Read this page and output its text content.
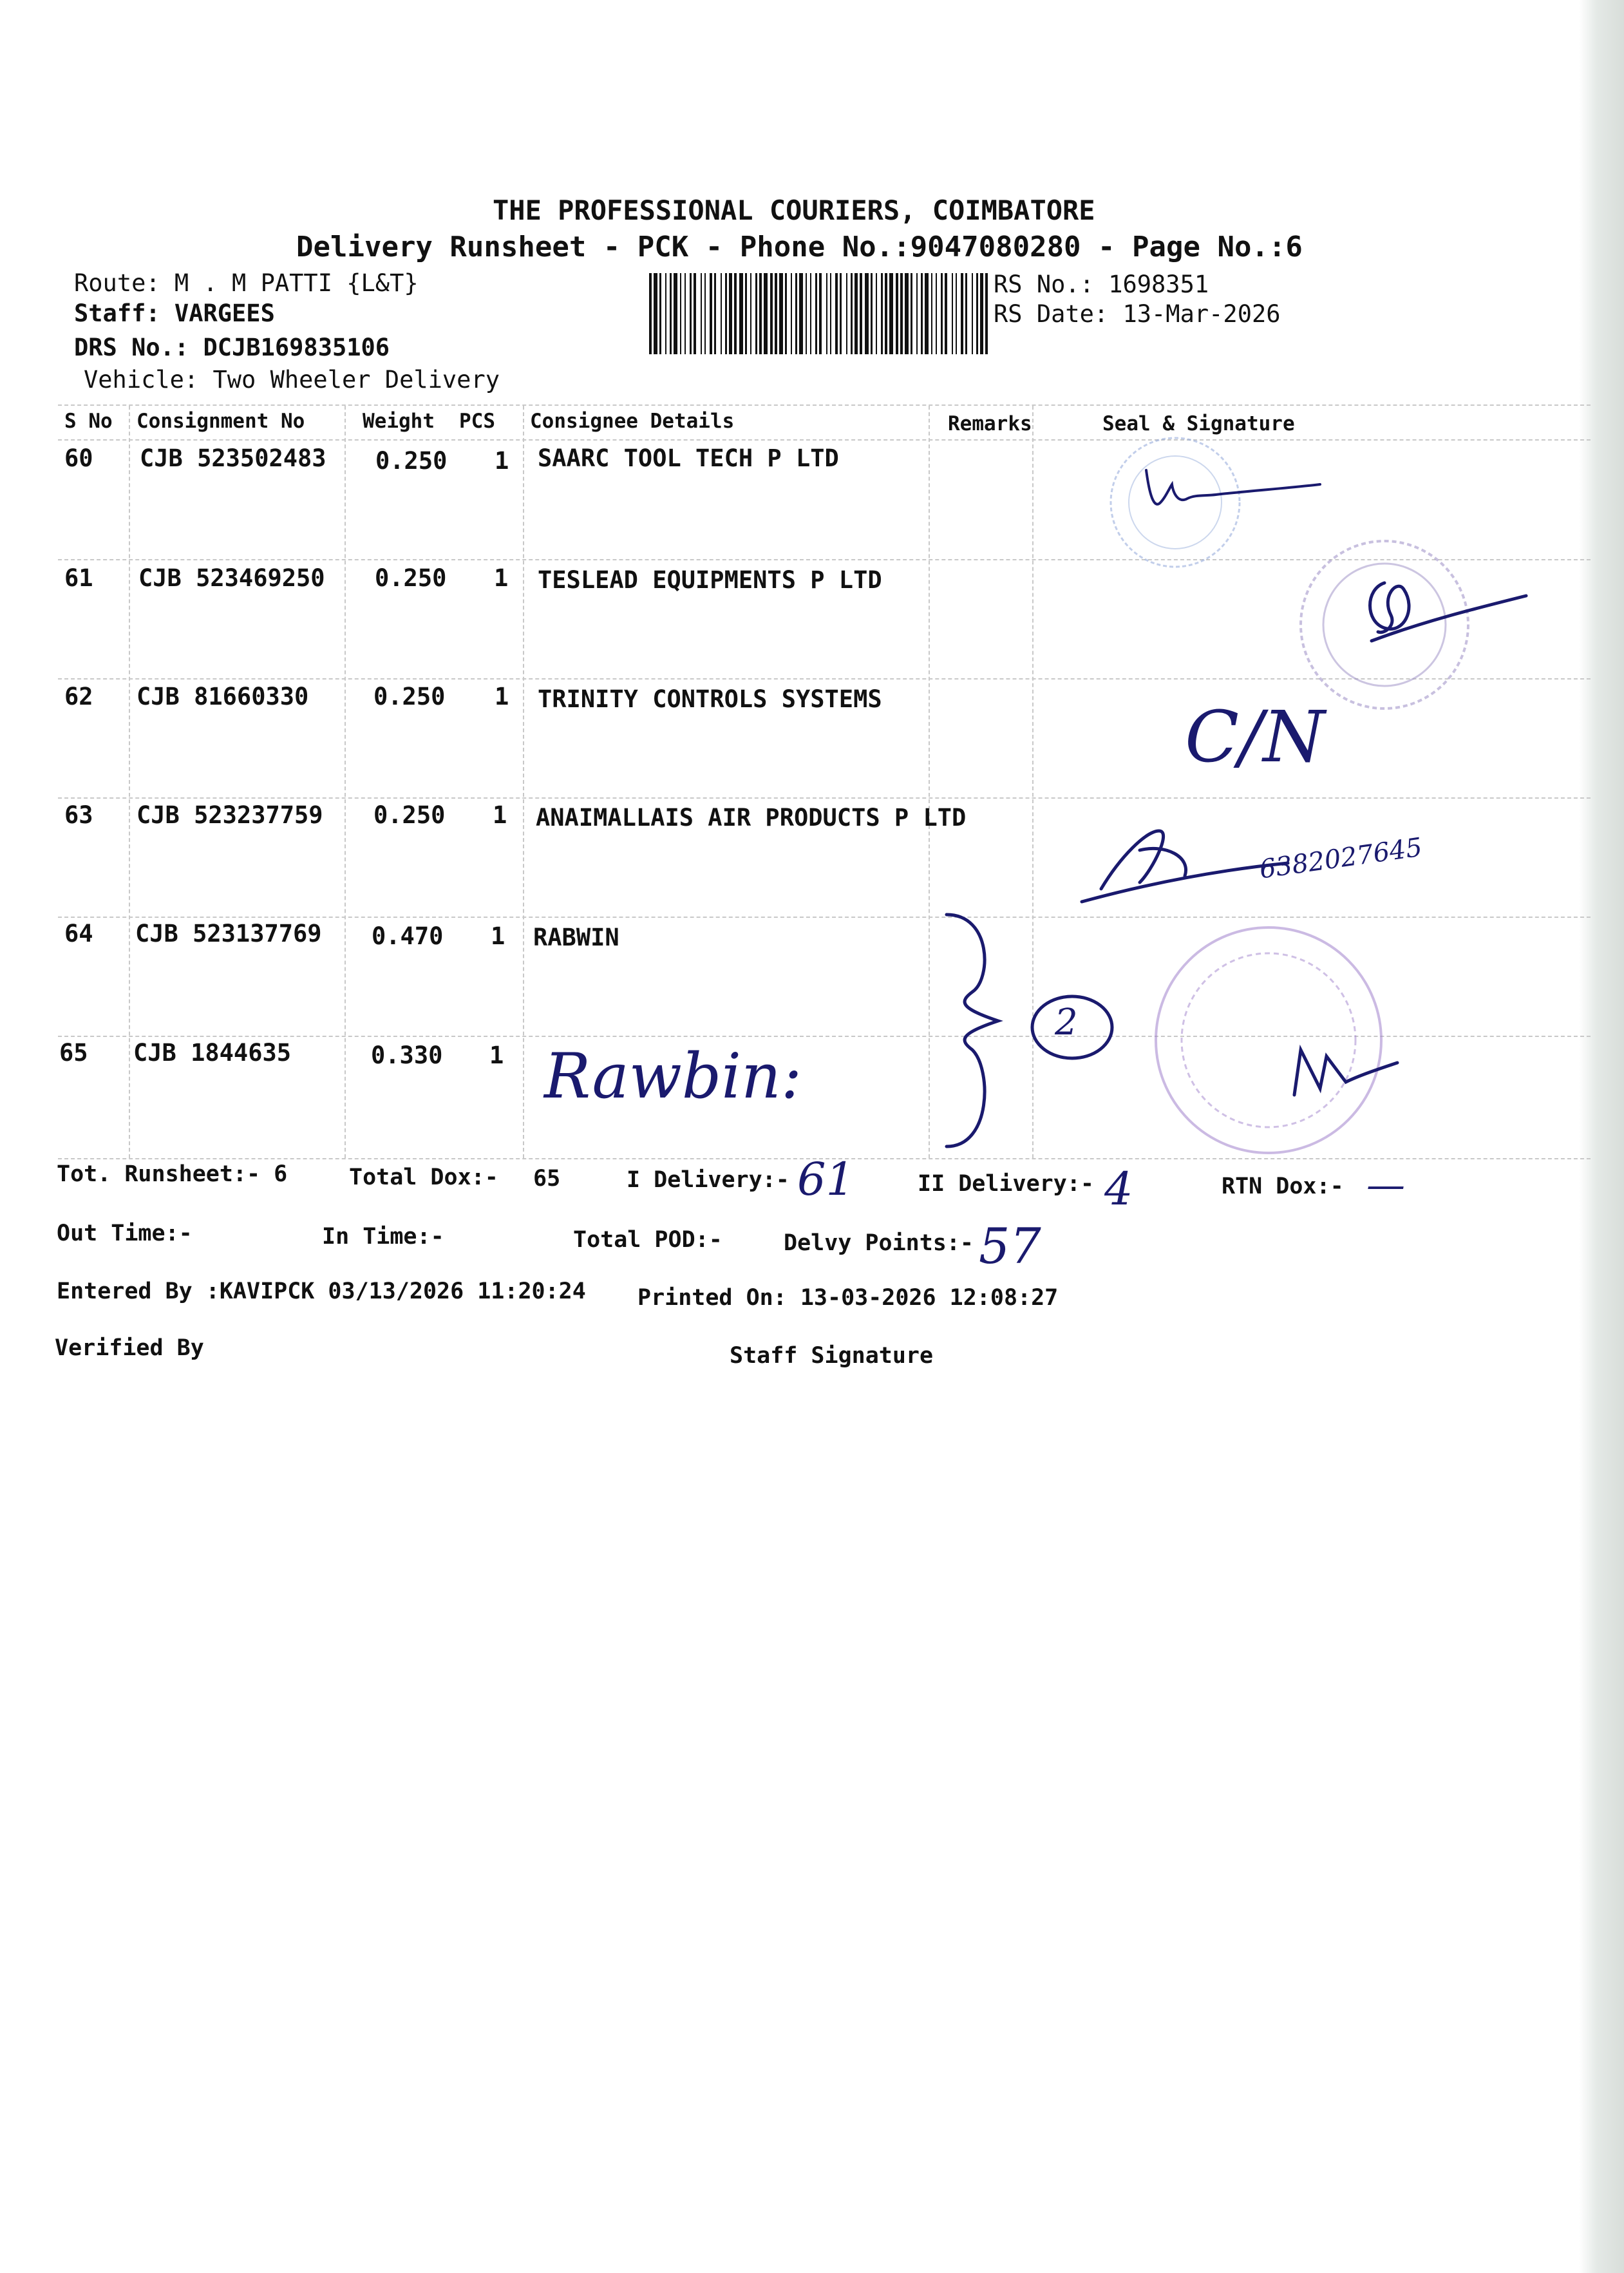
THE PROFESSIONAL COURIERS, COIMBATORE
Delivery Runsheet - PCK - Phone No.:9047080280 - Page No.:6
Route: M . M PATTI {L&T}
Staff: VARGEES
DRS No.: DCJB169835106
Vehicle: Two Wheeler Delivery
RS No.: 1698351
RS Date: 13-Mar-2026
S No Consignment No	Weight PCS Consignee Details	Remarks	Seal & Signature
60 CJB 523502483 0.250 1 SAARC TOOL TECH P LTD
61 CJB 523469250 0.250 1 TESLEAD EQUIPMENTS P LTD
62 CJB 81660330	0.250 1 TRINITY CONTROLS SYSTEMS
63 CJB 523237759 0.250 1 ANAIMALLAIS AIR PRODUCTS P LTD
64 CJB 523137769 0.470 1 RABWIN
65 CJB 1844635	0.330 1
C/N
6382027645
2
Rawbin:
Tot. Runsheet:- 6	Total Dox:- 65	I Delivery:- 61	II Delivery:- 4	RTN Dox:- —
Out Time:-	In Time:-	Total POD:-	Delvy Points:- 57
Entered By :KAVIPCK 03/13/2026 11:20:24 Printed On: 13-03-2026 12:08:27
Verified By	Staff Signature
